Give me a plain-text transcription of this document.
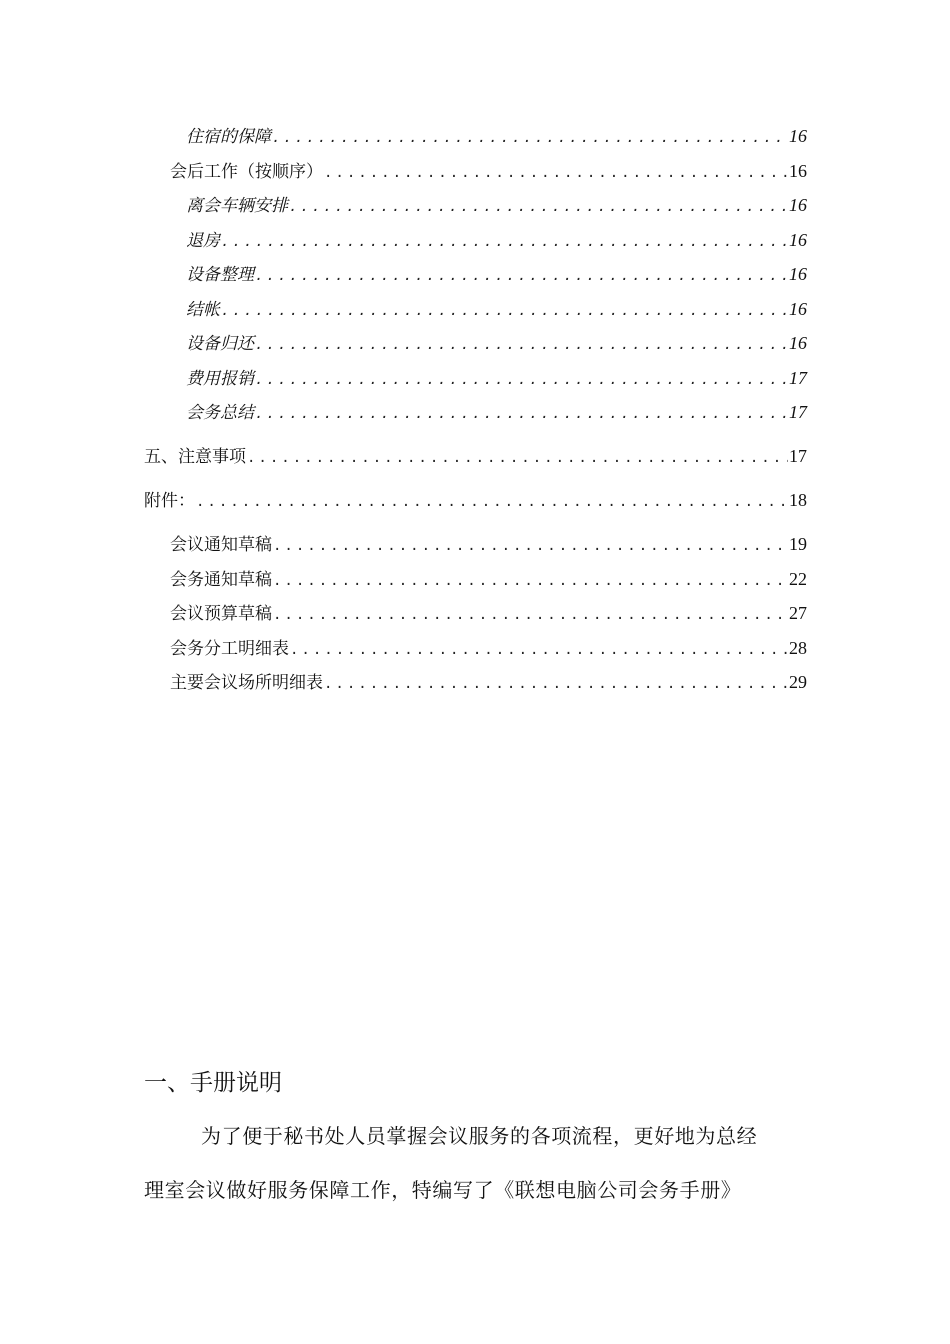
住宿的保障 .....	16
会后工作（按顺序） .....	16
离会车辆安排 .....	16
退房 .....	16
设备整理 .....	16
结帐 .....	16
设备归还 .....	16
费用报销 .....	17
会务总结 .....	17
五、注意事项 .....	17
附件： .....	18
会议通知草稿 .....	19
会务通知草稿 .....	22
会议预算草稿 .....	27
会务分工明细表 .....	28
主要会议场所明细表 .....	29
一、手册说明

为了便于秘书处人员掌握会议服务的各项流程，更好地为总经
理室会议做好服务保障工作，特编写了《联想电脑公司会务手册》
